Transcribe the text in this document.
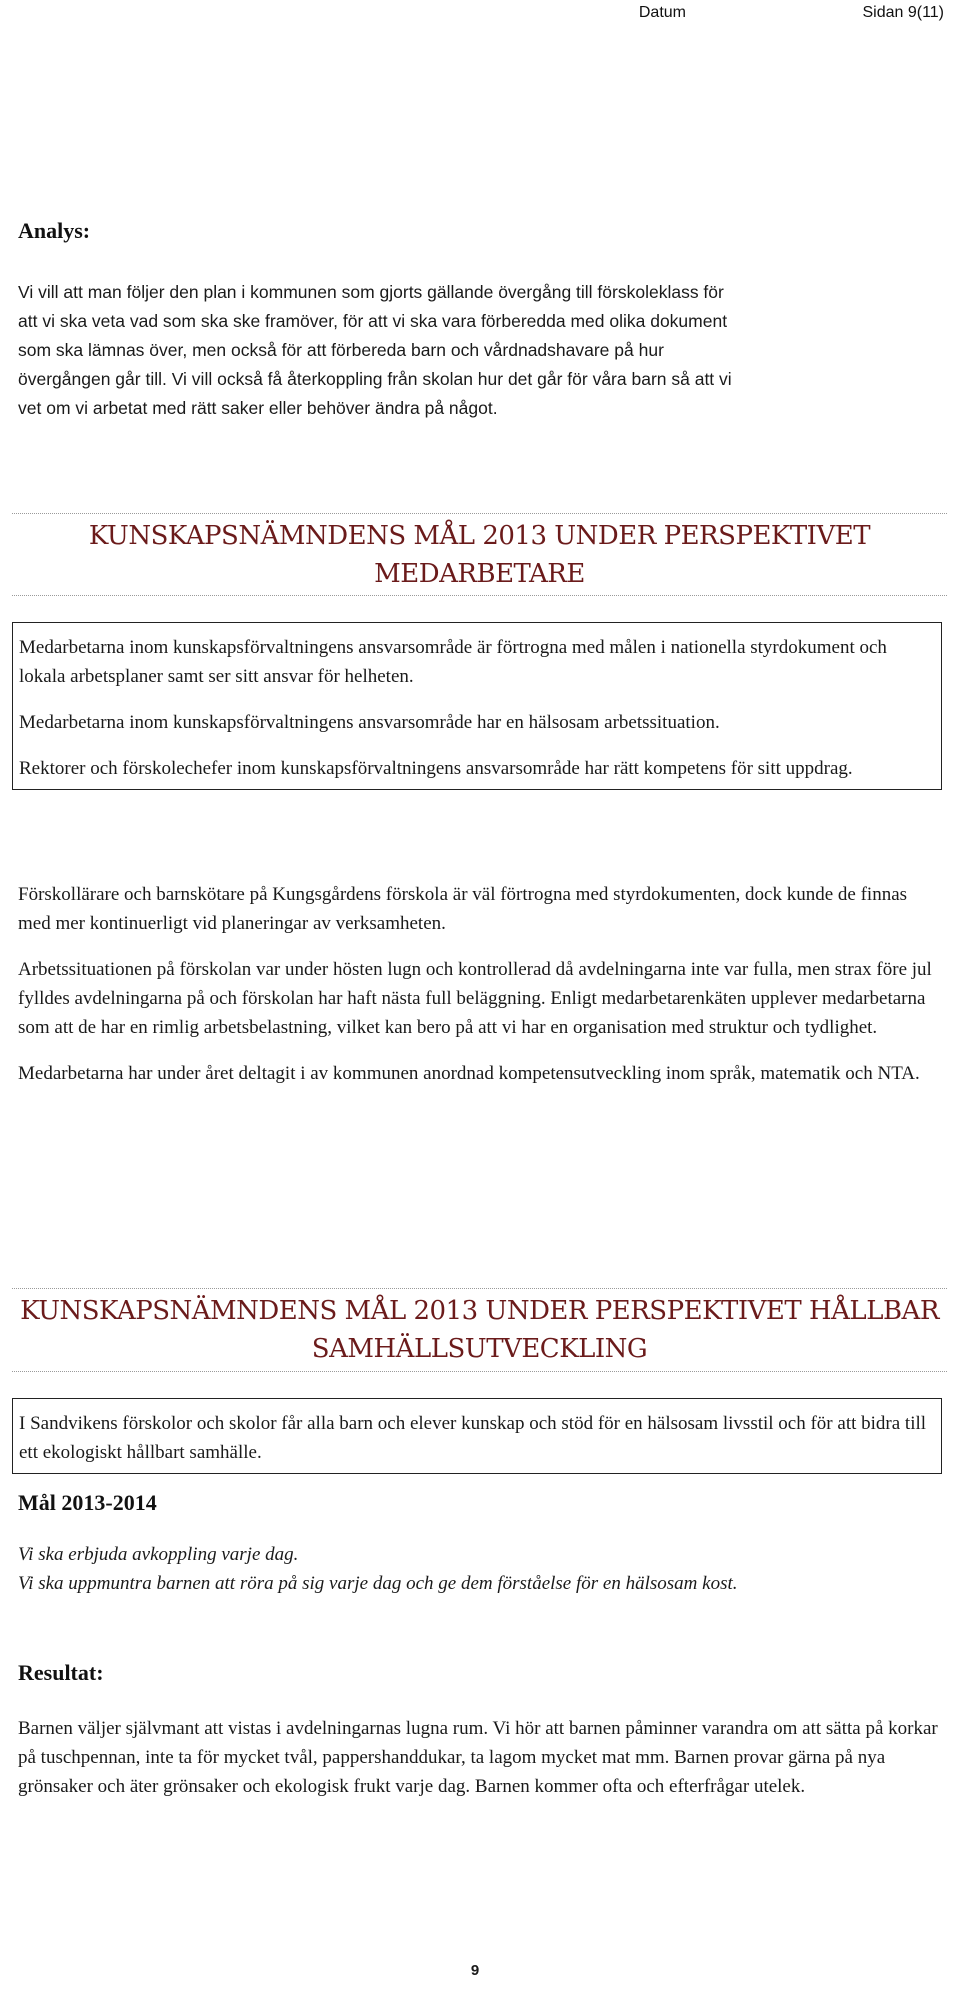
Datum	Sidan 9(11)
Analys:

Vi vill att man följer den plan i kommunen som gjorts gällande övergång till förskoleklass för

att vi ska veta vad som ska ske framöver, för att vi ska vara förberedda med olika dokument

som ska lämnas över, men också för att förbereda barn och vårdnadshavare på hur

övergången går till. Vi vill också få återkoppling från skolan hur det går för våra barn så att vi

vet om vi arbetat med rätt saker eller behöver ändra på något.

KUNSKAPSNÄMNDENS MÅL 2013 UNDER PERSPEKTIVET
MEDARBETARE

Medarbetarna inom kunskapsförvaltningens ansvarsområde är förtrogna med målen i nationella styrdokument och lokala arbetsplaner samt ser sitt ansvar för helheten.

Medarbetarna inom kunskapsförvaltningens ansvarsområde har en hälsosam arbetssituation.

Rektorer och förskolechefer inom kunskapsförvaltningens ansvarsområde har rätt kompetens för sitt uppdrag.

Förskollärare och barnskötare på Kungsgårdens förskola är väl förtrogna med styrdokumenten, dock kunde de finnas med mer kontinuerligt vid planeringar av verksamheten.

Arbetssituationen på förskolan var under hösten lugn och kontrollerad då avdelningarna inte var fulla, men strax före jul fylldes avdelningarna på och förskolan har haft nästa full beläggning. Enligt medarbetarenkäten upplever medarbetarna som att de har en rimlig arbetsbelastning, vilket kan bero på att vi har en organisation med struktur och tydlighet.

Medarbetarna har under året deltagit i av kommunen anordnad kompetensutveckling inom språk, matematik och NTA.

KUNSKAPSNÄMNDENS MÅL 2013 UNDER PERSPEKTIVET HÅLLBAR
SAMHÄLLSUTVECKLING

I Sandvikens förskolor och skolor får alla barn och elever kunskap och stöd för en hälsosam livsstil och för att bidra till ett ekologiskt hållbart samhälle.

Mål 2013-2014

Vi ska erbjuda avkoppling varje dag.

Vi ska uppmuntra barnen att röra på sig varje dag och ge dem förståelse för en hälsosam kost.

Resultat:

Barnen väljer självmant att vistas i avdelningarnas lugna rum. Vi hör att barnen påminner varandra om att sätta på korkar på tuschpennan, inte ta för mycket tvål, pappershanddukar, ta lagom mycket mat mm. Barnen provar gärna på nya grönsaker och äter grönsaker och ekologisk frukt varje dag. Barnen kommer ofta och efterfrågar utelek.

9
